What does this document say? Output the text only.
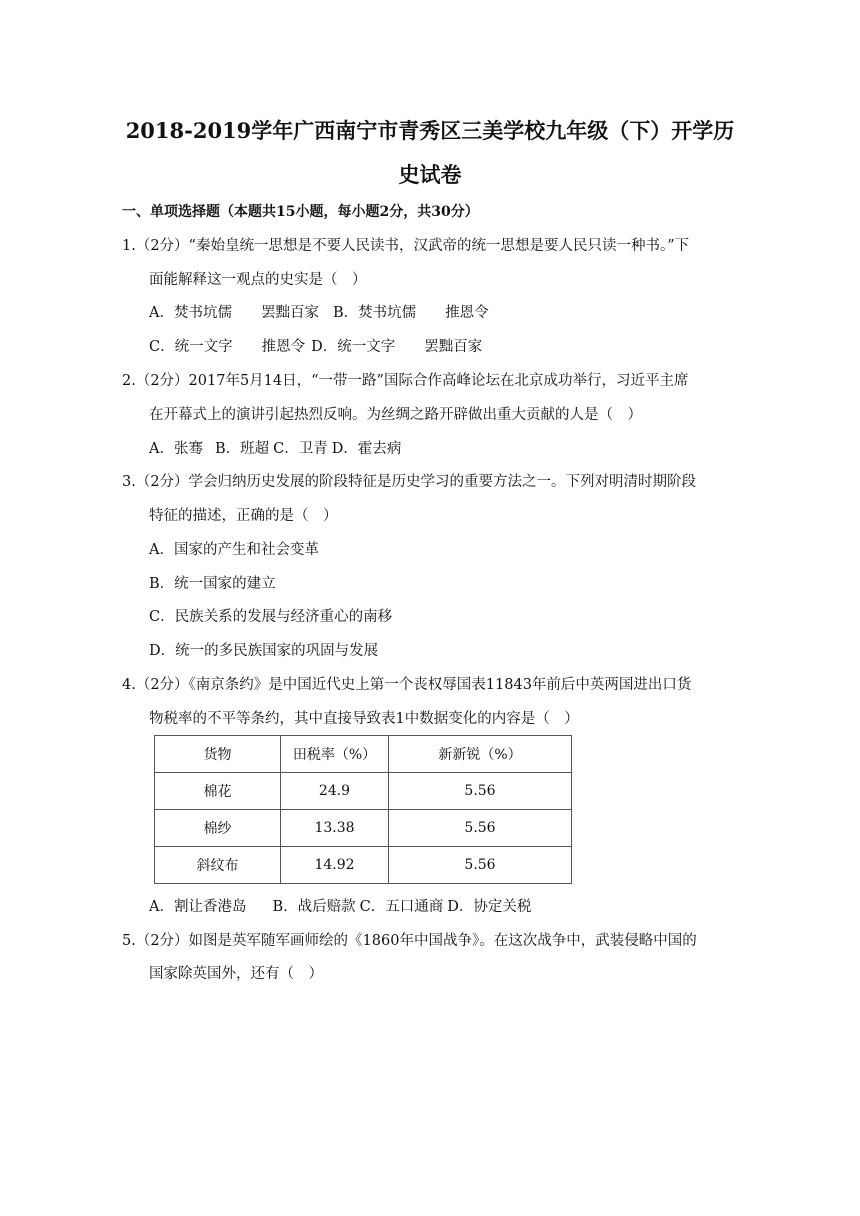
2018-2019学年广西南宁市青秀区三美学校九年级（下）开学历
史试卷
一、单项选择题（本题共15小题，每小题2分，共30分）
1.（2分）“秦始皇统一思想是不要人民读书，汉武帝的统一思想是要人民只读一种书。”下
面能解释这一观点的史实是（　）
A．焚书坑儒　　罢黜百家 B．焚书坑儒　　推恩令
C．统一文字　　推恩令 D．统一文字　　罢黜百家
2.（2分）2017年5月14日，“一带一路”国际合作高峰论坛在北京成功举行，习近平主席
在开幕式上的演讲引起热烈反响。为丝绸之路开辟做出重大贡献的人是（　）
A．张骞 B．班超 C．卫青 D．霍去病
3.（2分）学会归纳历史发展的阶段特征是历史学习的重要方法之一。下列对明清时期阶段
特征的描述，正确的是（　）
A．国家的产生和社会变革
B．统一国家的建立
C．民族关系的发展与经济重心的南移
D．统一的多民族国家的巩固与发展
4.（2分）《南京条约》是中国近代史上第一个丧权辱国表11843年前后中英两国进出口货
物税率的不平等条约，其中直接导致表1中数据变化的内容是（　）
货物	田税率（%）	新新锐（%）
棉花	24.9	5.56
棉纱	13.38	5.56
斜纹布	14.92	5.56
A．割让香港岛 B．战后赔款 C．五口通商 D．协定关税
5.（2分）如图是英军随军画师绘的《1860年中国战争》。在这次战争中，武装侵略中国的
国家除英国外，还有（　）
